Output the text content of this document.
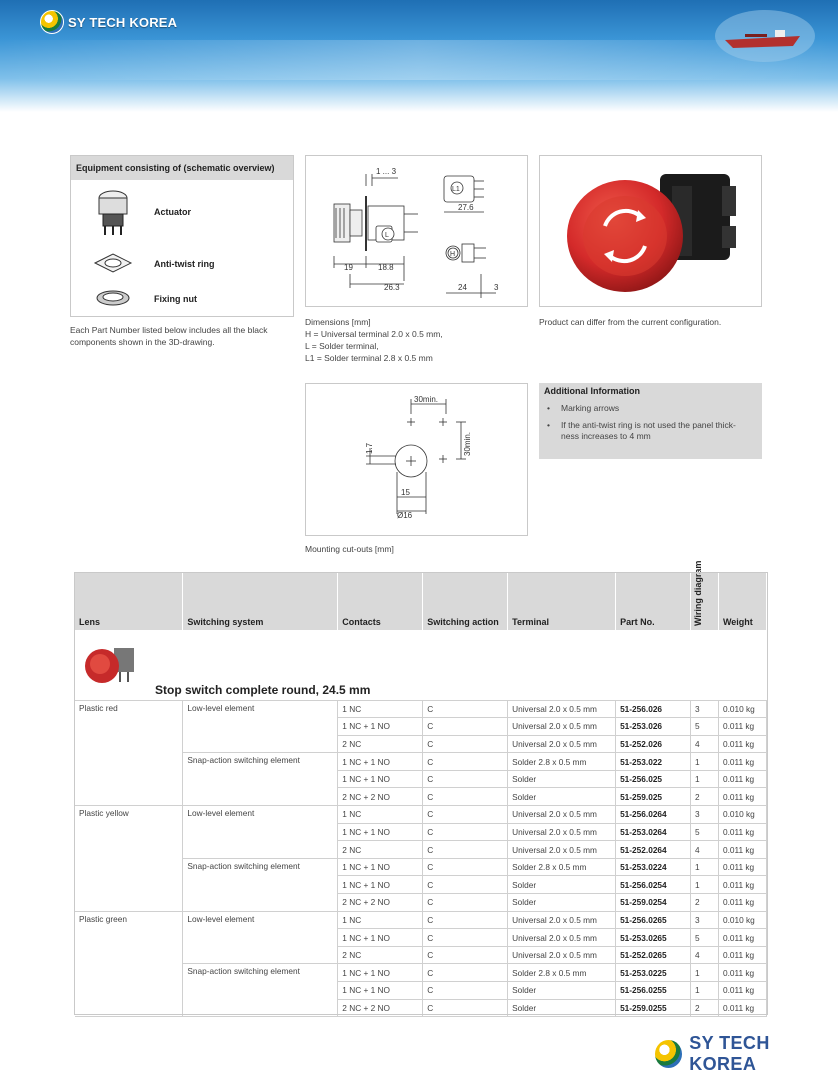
SY TECH KOREA
Equipment consisting of (schematic overview)
Actuator
Anti-twist ring
Fixing nut
Each Part Number listed below includes all the black components shown in the 3D-drawing.
1 ... 3
L1
L
H
27.6
19	18.8
26.3	24	3
Dimensions [mm]
H = Universal terminal 2.0 x 0.5 mm,
L = Solder terminal,
L1 = Solder terminal 2.8 x 0.5 mm
Product can differ from the current configuration.
30min.
30min.
1.7
15
Ø16
Mounting cut-outs [mm]
Additional Information
• Marking arrows
• If the anti-twist ring is not used the panel thick- ness increases to 4 mm
Lens	Switching system	Contacts	Switching action	Terminal	Part No.	Wiring diagram	Weight

Stop switch complete round, 24.5 mm							

Plastic red	Low-level element	1 NC	C	Universal 2.0 x 0.5 mm	51-256.026	3	0.010 kg
		1 NC + 1 NO	C	Universal 2.0 x 0.5 mm	51-253.026	5	0.011 kg
		2 NC	C	Universal 2.0 x 0.5 mm	51-252.026	4	0.011 kg
	Snap-action switching element	1 NC + 1 NO	C	Solder 2.8 x 0.5 mm	51-253.022	1	0.011 kg
		1 NC + 1 NO	C	Solder	51-256.025	1	0.011 kg
		2 NC + 2 NO	C	Solder	51-259.025	2	0.011 kg
Plastic yellow	Low-level element	1 NC	C	Universal 2.0 x 0.5 mm	51-256.0264	3	0.010 kg
		1 NC + 1 NO	C	Universal 2.0 x 0.5 mm	51-253.0264	5	0.011 kg
		2 NC	C	Universal 2.0 x 0.5 mm	51-252.0264	4	0.011 kg
	Snap-action switching element	1 NC + 1 NO	C	Solder 2.8 x 0.5 mm	51-253.0224	1	0.011 kg
		1 NC + 1 NO	C	Solder	51-256.0254	1	0.011 kg
		2 NC + 2 NO	C	Solder	51-259.0254	2	0.011 kg
Plastic green	Low-level element	1 NC	C	Universal 2.0 x 0.5 mm	51-256.0265	3	0.010 kg
		1 NC + 1 NO	C	Universal 2.0 x 0.5 mm	51-253.0265	5	0.011 kg
		2 NC	C	Universal 2.0 x 0.5 mm	51-252.0265	4	0.011 kg
	Snap-action switching element	1 NC + 1 NO	C	Solder 2.8 x 0.5 mm	51-253.0225	1	0.011 kg
		1 NC + 1 NO	C	Solder	51-256.0255	1	0.011 kg
		2 NC + 2 NO	C	Solder	51-259.0255	2	0.011 kg
SY TECH KOREA
